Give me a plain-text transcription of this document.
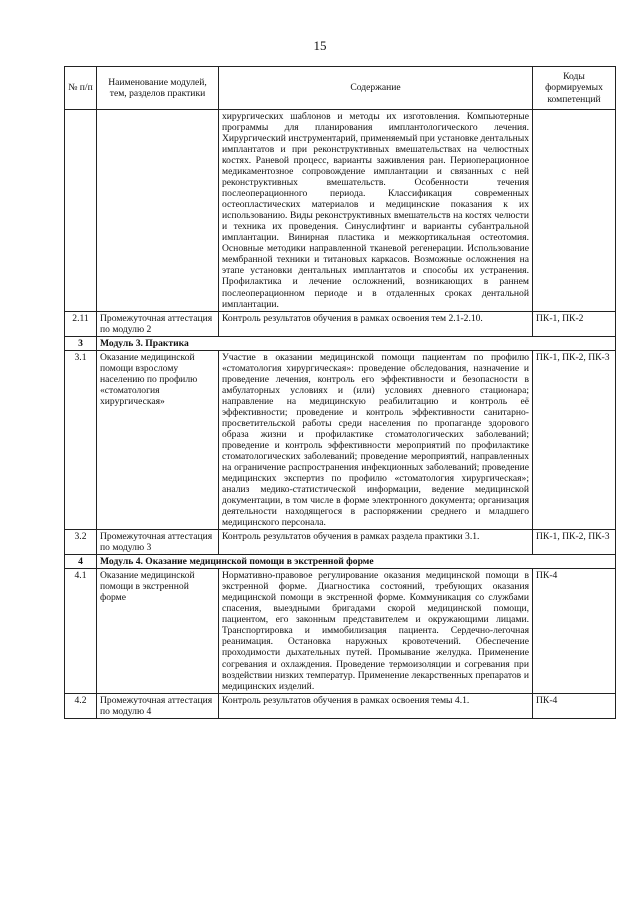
15
№ п/п	Наименование модулей, тем, разделов практики	Содержание	Коды формируемых компетенций
		хирургических шаблонов и методы их изготовления. Компьютерные программы для планирования имплантологического лечения. Хирургический инструментарий, применяемый при установке дентальных имплантатов и при реконструктивных вмешательствах на челюстных костях. Раневой процесс, варианты заживления ран. Периоперационное медикаментозное сопровождение имплантации и связанных с ней реконструктивных вмешательств. Особенности течения послеоперационного периода. Классификация современных остеопластических материалов и медицинские показания к их использованию. Виды реконструктивных вмешательств на костях челюсти и техника их проведения. Синуслифтинг и варианты субантральной имплантации. Винирная пластика и межкортикальная остеотомия. Основные методики направленной тканевой регенерации. Использование мембранной техники и титановых каркасов. Возможные осложнения на этапе установки дентальных имплантатов и способы их устранения. Профилактика и лечение осложнений, возникающих в раннем послеоперационном периоде и в отдаленных сроках дентальной имплантации.	
2.11	Промежуточная аттестация по модулю 2	Контроль результатов обучения в рамках освоения тем 2.1-2.10.	ПК-1, ПК-2
3	Модуль 3. Практика		
3.1	Оказание медицинской помощи взрослому населению по профилю «стоматология хирургическая»	Участие в оказании медицинской помощи пациентам по профилю «стоматология хирургическая»: проведение обследования, назначение и проведение лечения, контроль его эффективности и безопасности в амбулаторных условиях и (или) условиях дневного стационара; направление на медицинскую реабилитацию и контроль её эффективности; проведение и контроль эффективности санитарно-просветительской работы среди населения по пропаганде здорового образа жизни и профилактике стоматологических заболеваний; проведение и контроль эффективности мероприятий по профилактике стоматологических заболеваний; проведение мероприятий, направленных на ограничение распространения инфекционных заболеваний; проведение медицинских экспертиз по профилю «стоматология хирургическая»; анализ медико-статистической информации, ведение медицинской документации, в том числе в форме электронного документа; организация деятельности находящегося в распоряжении среднего и младшего медицинского персонала.	ПК-1, ПК-2, ПК-3
3.2	Промежуточная аттестация по модулю 3	Контроль результатов обучения в рамках раздела практики 3.1.	ПК-1, ПК-2, ПК-3
4	Модуль 4. Оказание медицинской помощи в экстренной форме		
4.1	Оказание медицинской помощи в экстренной форме	Нормативно-правовое регулирование оказания медицинской помощи в экстренной форме. Диагностика состояний, требующих оказания медицинской помощи в экстренной форме. Коммуникация со службами спасения, выездными бригадами скорой медицинской помощи, пациентом, его законным представителем и окружающими лицами. Транспортировка и иммобилизация пациента. Сердечно-легочная реанимация. Остановка наружных кровотечений. Обеспечение проходимости дыхательных путей. Промывание желудка. Применение согревания и охлаждения. Проведение термоизоляции и согревания при воздействии низких температур. Применение лекарственных препаратов и медицинских изделий.	ПК-4
4.2	Промежуточная аттестация по модулю 4	Контроль результатов обучения в рамках освоения темы 4.1.	ПК-4
